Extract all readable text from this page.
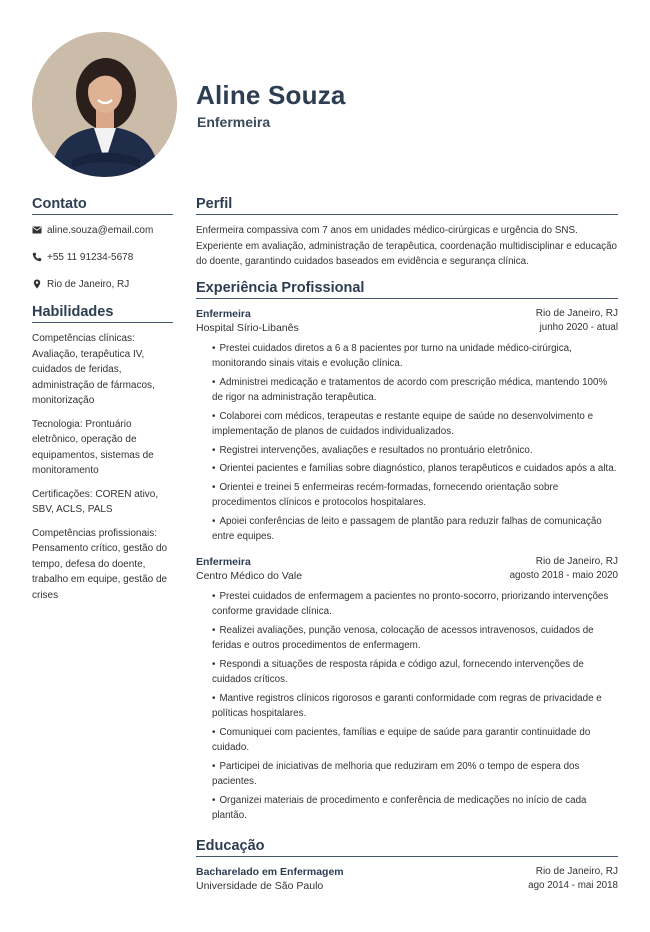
Aline Souza
Enfermeira
Contato
aline.souza@email.com
+55 11 91234-5678
Rio de Janeiro, RJ
Habilidades
Competências clínicas: Avaliação, terapêutica IV, cuidados de feridas, administração de fármacos, monitorização
Tecnologia: Prontuário eletrônico, operação de equipamentos, sistemas de monitoramento
Certificações: COREN ativo, SBV, ACLS, PALS
Competências profissionais: Pensamento crítico, gestão do tempo, defesa do doente, trabalho em equipe, gestão de crises
Perfil
Enfermeira compassiva com 7 anos em unidades médico-cirúrgicas e urgência do SNS. Experiente em avaliação, administração de terapêutica, coordenação multidisciplinar e educação do doente, garantindo cuidados baseados em evidência e segurança clínica.
Experiência Profissional
Enfermeira
Hospital Sírio-Libanês
Rio de Janeiro, RJ
junho 2020 - atual
• Prestei cuidados diretos a 6 a 8 pacientes por turno na unidade médico-cirúrgica, monitorando sinais vitais e evolução clínica.
• Administrei medicação e tratamentos de acordo com prescrição médica, mantendo 100% de rigor na administração terapêutica.
• Colaborei com médicos, terapeutas e restante equipe de saúde no desenvolvimento e implementação de planos de cuidados individualizados.
• Registrei intervenções, avaliações e resultados no prontuário eletrônico.
• Orientei pacientes e famílias sobre diagnóstico, planos terapêuticos e cuidados após a alta.
• Orientei e treinei 5 enfermeiras recém-formadas, fornecendo orientação sobre procedimentos clínicos e protocolos hospitalares.
• Apoiei conferências de leito e passagem de plantão para reduzir falhas de comunicação entre equipes.
Enfermeira
Centro Médico do Vale
Rio de Janeiro, RJ
agosto 2018 - maio 2020
• Prestei cuidados de enfermagem a pacientes no pronto-socorro, priorizando intervenções conforme gravidade clínica.
• Realizei avaliações, punção venosa, colocação de acessos intravenosos, cuidados de feridas e outros procedimentos de enfermagem.
• Respondi a situações de resposta rápida e código azul, fornecendo intervenções de cuidados críticos.
• Mantive registros clínicos rigorosos e garanti conformidade com regras de privacidade e políticas hospitalares.
• Comuniquei com pacientes, famílias e equipe de saúde para garantir continuidade do cuidado.
• Participei de iniciativas de melhoria que reduziram em 20% o tempo de espera dos pacientes.
• Organizei materiais de procedimento e conferência de medicações no início de cada plantão.
Educação
Bacharelado em Enfermagem
Universidade de São Paulo
Rio de Janeiro, RJ
ago 2014 - mai 2018
